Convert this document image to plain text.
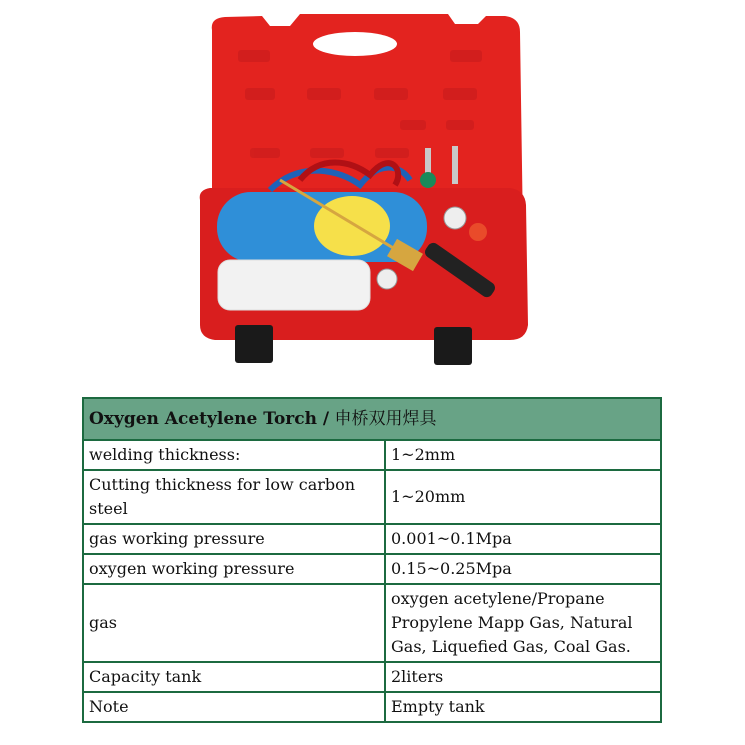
Oxygen Acetylene Torch / 申桥双用焊具	
welding thickness:	1~2mm
Cutting thickness for low carbon steel	1~20mm
gas working pressure	0.001~0.1Mpa
oxygen working pressure	0.15~0.25Mpa
gas	oxygen acetylene/Propane Propylene Mapp Gas, Natural Gas, Liquefied Gas, Coal Gas.
Capacity tank	2liters
Note	Empty tank
